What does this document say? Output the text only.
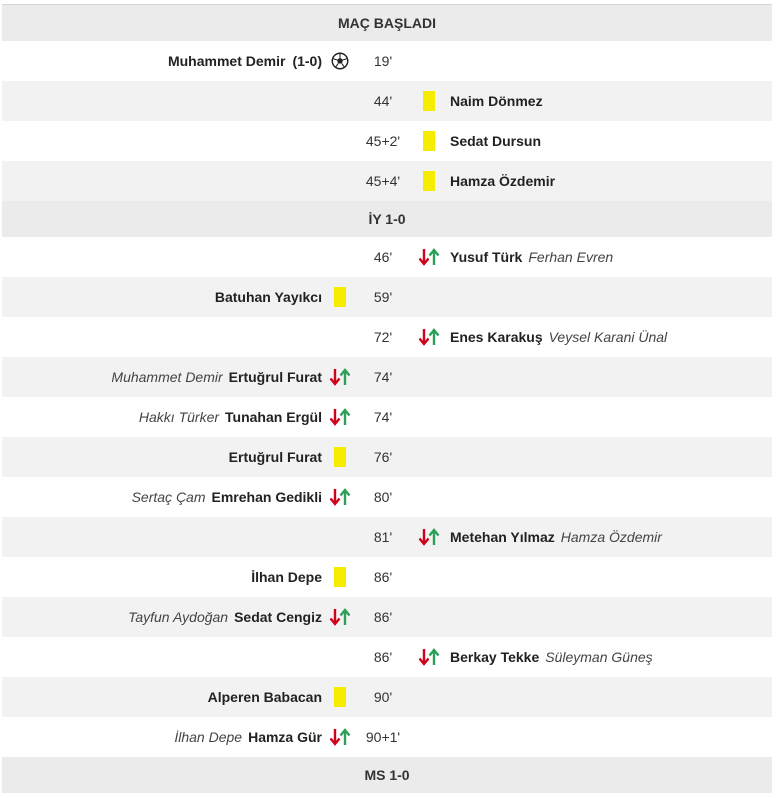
MAÇ BAŞLADI
Muhammet Demir (1-0)	19'
44'	Naim Dönmez
45+2'	Sedat Dursun
45+4'	Hamza Özdemir
İY 1-0
46'	Yusuf Türk Ferhan Evren
Batuhan Yayıkcı	59'
72'	Enes Karakuş Veysel Karani Ünal
Muhammet Demir Ertuğrul Furat	74'
Hakkı Türker Tunahan Ergül	74'
Ertuğrul Furat	76'
Sertaç Çam Emrehan Gedikli	80'
81'	Metehan Yılmaz Hamza Özdemir
İlhan Depe	86'
Tayfun Aydoğan Sedat Cengiz	86'
86'	Berkay Tekke Süleyman Güneş
Alperen Babacan	90'
İlhan Depe Hamza Gür	90+1'
MS 1-0
